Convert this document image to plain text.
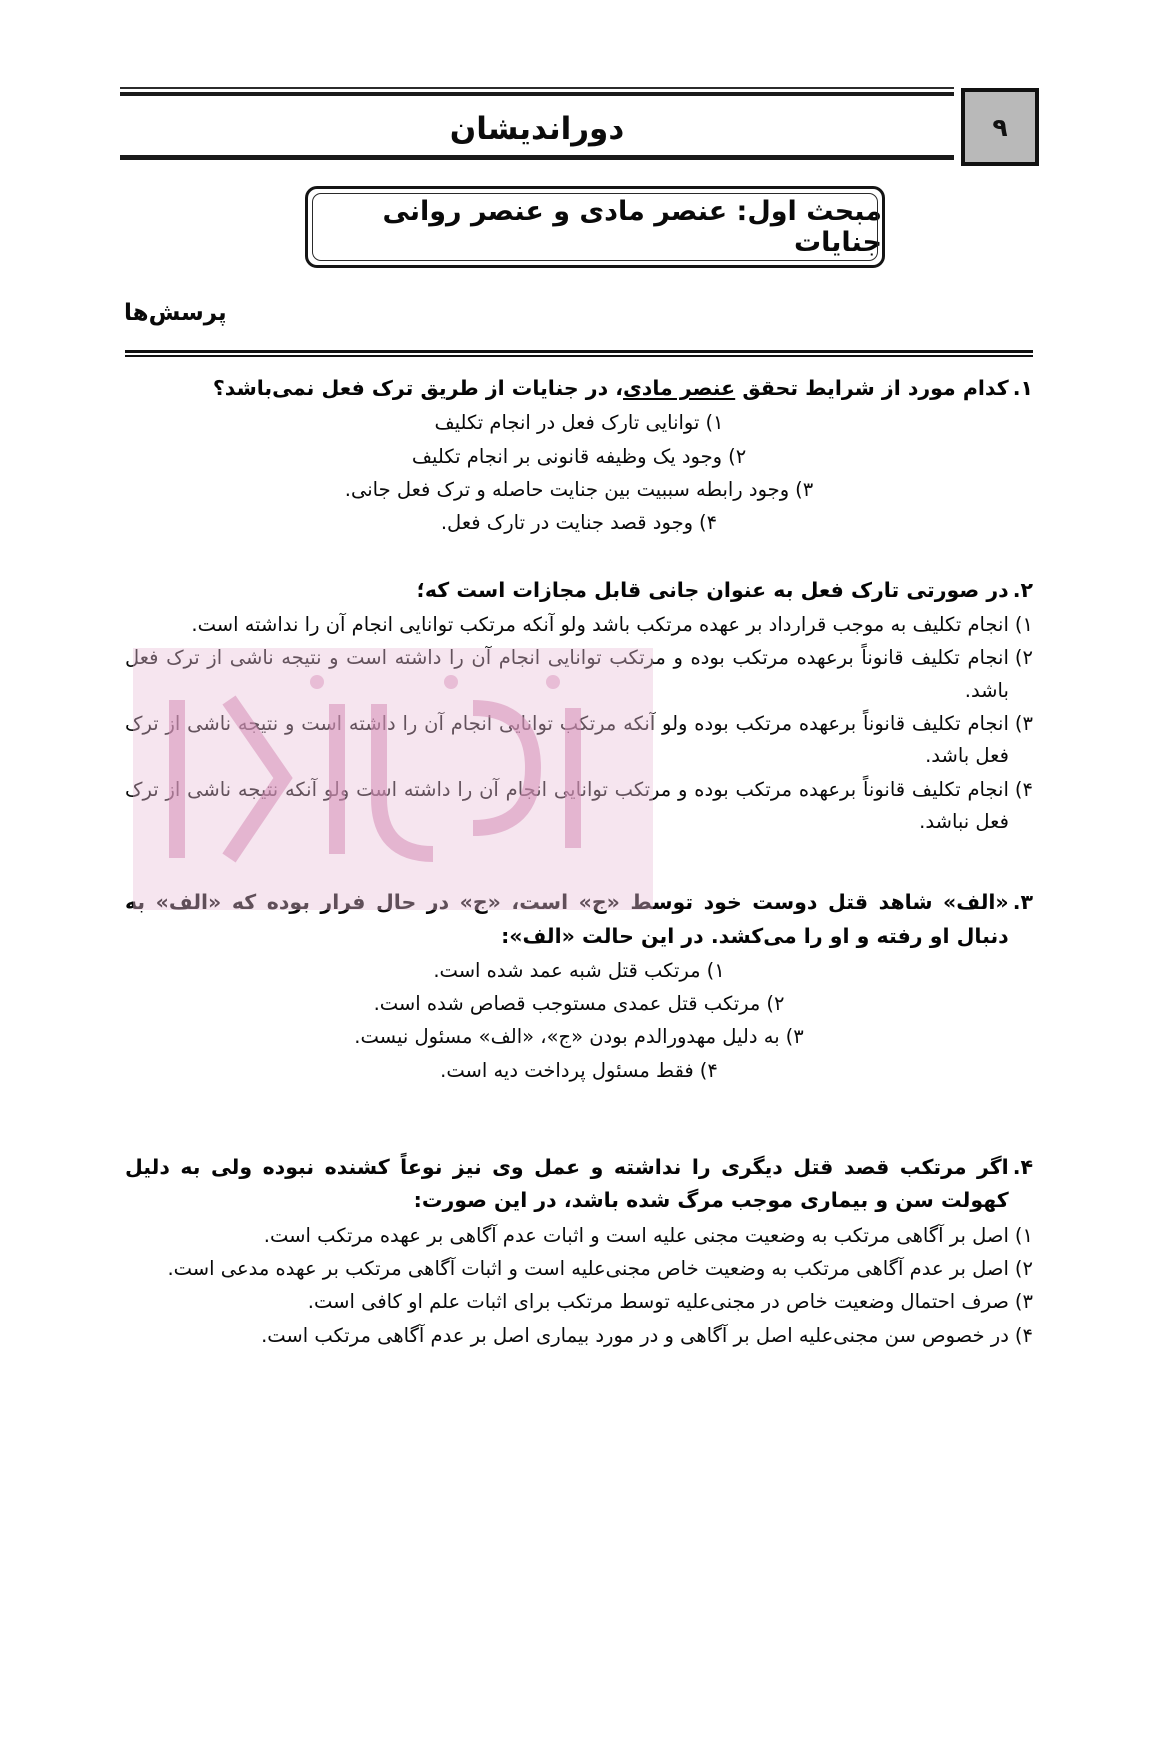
دوراندیشان	۹
مبحث اول: عنصر مادی و عنصر روانی جنایات
پرسش‌ها
۱.
کدام مورد از شرایط تحقق عنصر مادی، در جنایات از طریق ترک فعل نمی‌باشد؟
۱)
توانایی تارک فعل در انجام تکلیف
۲)
وجود یک وظیفه قانونی بر انجام تکلیف
۳)
وجود رابطه سببیت بین جنایت حاصله و ترک فعل جانی.
۴)
وجود قصد جنایت در تارک فعل.
۲.
در صورتی تارک فعل به عنوان جانی قابل مجازات است که؛
۱)
انجام تکلیف به موجب قرارداد بر عهده مرتکب باشد ولو آنکه مرتکب توانایی انجام آن را نداشته است.
۲)
انجام تکلیف قانوناً برعهده مرتکب بوده و مرتکب توانایی انجام آن را داشته است و نتیجه ناشی از ترک فعل باشد.
۳)
انجام تکلیف قانوناً برعهده مرتکب بوده ولو آنکه مرتکب توانایی انجام آن را داشته است و نتیجه ناشی از ترک فعل باشد.
۴)
انجام تکلیف قانوناً برعهده مرتکب بوده و مرتکب توانایی انجام آن را داشته است ولو آنکه نتیجه ناشی از ترک فعل نباشد.
۳.
«الف» شاهد قتل دوست خود توسط «ج» است، «ج» در حال فرار بوده که «الف» به دنبال او رفته و او را می‌کشد. در این حالت «الف»:
۱)
مرتکب قتل شبه عمد شده است.
۲)
مرتکب قتل عمدی مستوجب قصاص شده است.
۳)
به دلیل مهدورالدم بودن «ج»، «الف» مسئول نیست.
۴)
فقط مسئول پرداخت دیه است.
۴.
اگر مرتکب قصد قتل دیگری را نداشته و عمل وی نیز نوعاً کشنده نبوده ولی به دلیل کهولت سن و بیماری موجب مرگ شده باشد، در این صورت:
۱)
اصل بر آگاهی مرتکب به وضعیت مجنی علیه است و اثبات عدم آگاهی بر عهده مرتکب است.
۲)
اصل بر عدم آگاهی مرتکب به وضعیت خاص مجنی‌علیه است و اثبات آگاهی مرتکب بر عهده مدعی است.
۳)
صرف احتمال وضعیت خاص در مجنی‌علیه توسط مرتکب برای اثبات علم او کافی است.
۴)
در خصوص سن مجنی‌علیه اصل بر آگاهی و در مورد بیماری اصل بر عدم آگاهی مرتکب است.
